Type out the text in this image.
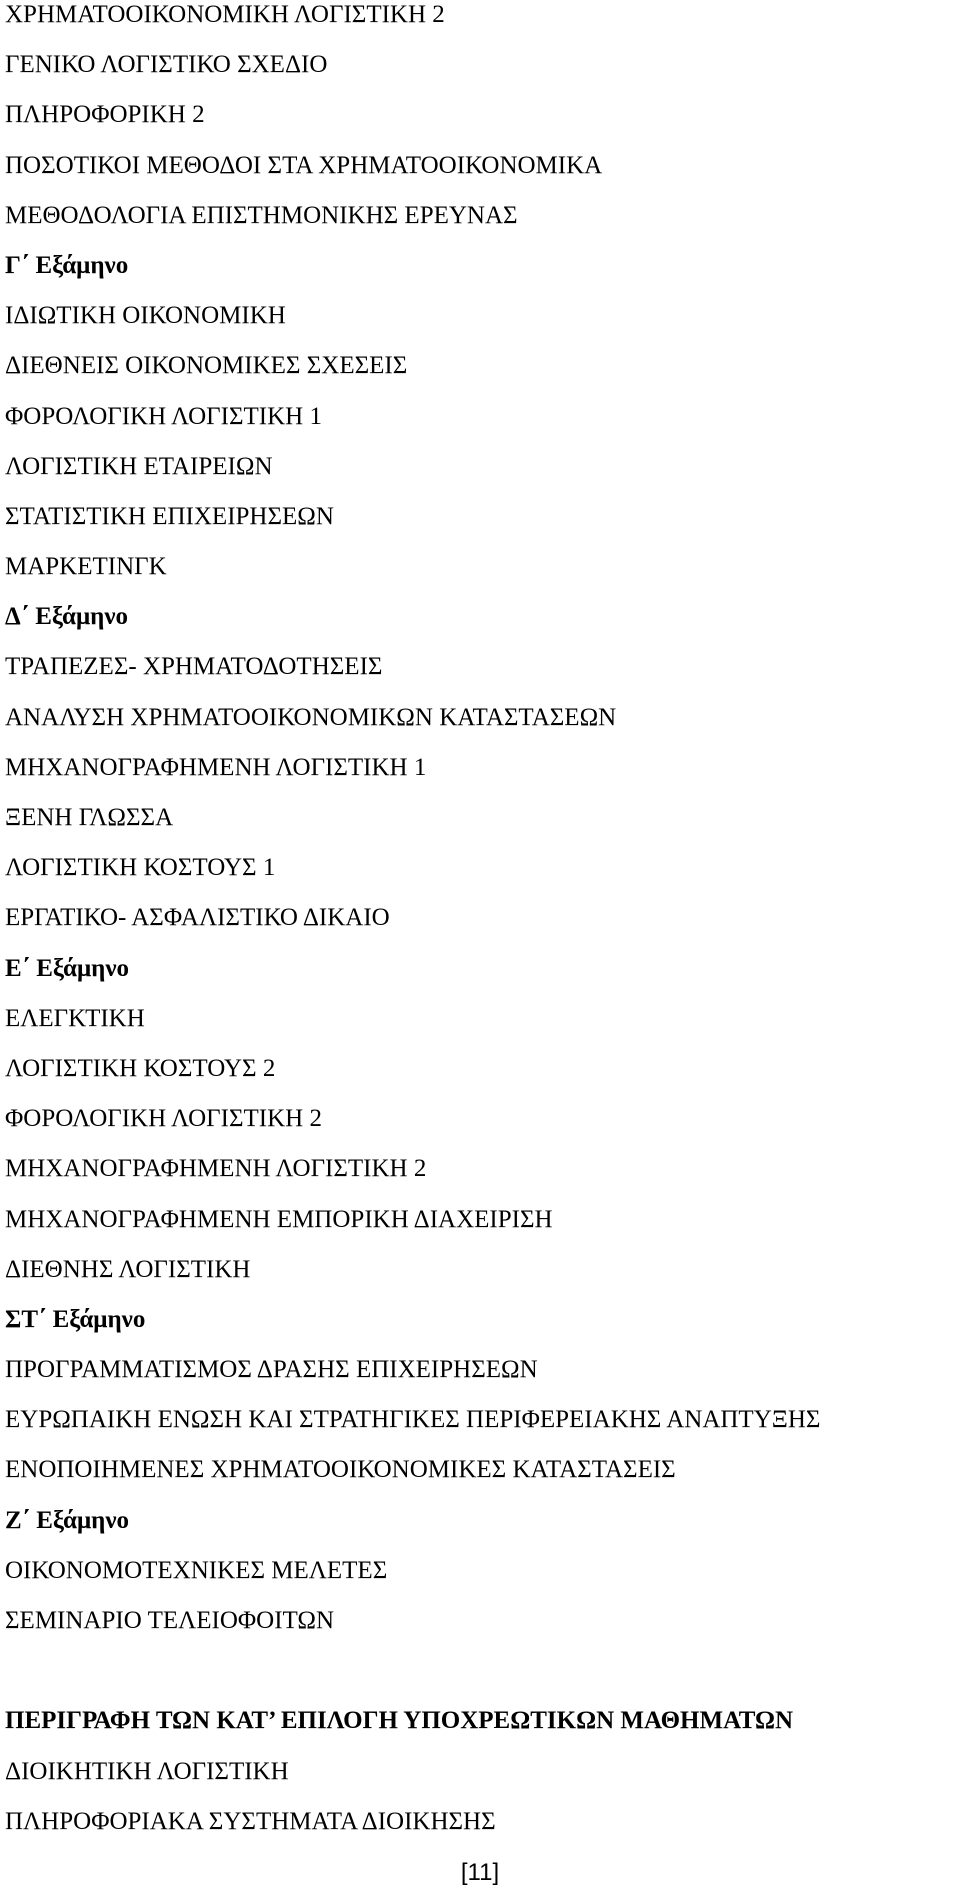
ΧΡΗΜΑΤΟΟΙΚΟΝΟΜΙΚΗ ΛΟΓΙΣΤΙΚΗ 2
ΓΕΝΙΚΟ ΛΟΓΙΣΤΙΚΟ ΣΧΕΔΙΟ
ΠΛΗΡΟΦΟΡΙΚΗ 2
ΠΟΣΟΤΙΚΟΙ ΜΕΘΟΔΟΙ ΣΤΑ ΧΡΗΜΑΤΟΟΙΚΟΝΟΜΙΚΑ
ΜΕΘΟΔΟΛΟΓΙΑ ΕΠΙΣΤΗΜΟΝΙΚΗΣ ΕΡΕΥΝΑΣ
Γ΄ Εξάμηνο
ΙΔΙΩΤΙΚΗ ΟΙΚΟΝΟΜΙΚΗ
ΔΙΕΘΝΕΙΣ ΟΙΚΟΝΟΜΙΚΕΣ ΣΧΕΣΕΙΣ
ΦΟΡΟΛΟΓΙΚΗ ΛΟΓΙΣΤΙΚΗ 1
ΛΟΓΙΣΤΙΚΗ ΕΤΑΙΡΕΙΩΝ
ΣΤΑΤΙΣΤΙΚΗ ΕΠΙΧΕΙΡΗΣΕΩΝ
ΜΑΡΚΕΤΙΝΓΚ
Δ΄ Εξάμηνο
ΤΡΑΠΕΖΕΣ- ΧΡΗΜΑΤΟΔΟΤΗΣΕΙΣ
ΑΝΑΛΥΣΗ ΧΡΗΜΑΤΟΟΙΚΟΝΟΜΙΚΩΝ ΚΑΤΑΣΤΑΣΕΩΝ
ΜΗΧΑΝΟΓΡΑΦΗΜΕΝΗ ΛΟΓΙΣΤΙΚΗ 1
ΞΕΝΗ ΓΛΩΣΣΑ
ΛΟΓΙΣΤΙΚΗ ΚΟΣΤΟΥΣ 1
ΕΡΓΑΤΙΚΟ- ΑΣΦΑΛΙΣΤΙΚΟ ΔΙΚΑΙΟ
Ε΄ Εξάμηνο
ΕΛΕΓΚΤΙΚΗ
ΛΟΓΙΣΤΙΚΗ ΚΟΣΤΟΥΣ 2
ΦΟΡΟΛΟΓΙΚΗ ΛΟΓΙΣΤΙΚΗ 2
ΜΗΧΑΝΟΓΡΑΦΗΜΕΝΗ ΛΟΓΙΣΤΙΚΗ 2
ΜΗΧΑΝΟΓΡΑΦΗΜΕΝΗ ΕΜΠΟΡΙΚΗ ΔΙΑΧΕΙΡΙΣΗ
ΔΙΕΘΝΗΣ ΛΟΓΙΣΤΙΚΗ
ΣΤ΄ Εξάμηνο
ΠΡΟΓΡΑΜΜΑΤΙΣΜΟΣ ΔΡΑΣΗΣ ΕΠΙΧΕΙΡΗΣΕΩΝ
ΕΥΡΩΠΑΙΚΗ ΕΝΩΣΗ ΚΑΙ ΣΤΡΑΤΗΓΙΚΕΣ ΠΕΡΙΦΕΡΕΙΑΚΗΣ ΑΝΑΠΤΥΞΗΣ
ΕΝΟΠΟΙΗΜΕΝΕΣ ΧΡΗΜΑΤΟΟΙΚΟΝΟΜΙΚΕΣ ΚΑΤΑΣΤΑΣΕΙΣ
Ζ΄ Εξάμηνο
ΟΙΚΟΝΟΜΟΤΕΧΝΙΚΕΣ ΜΕΛΕΤΕΣ
ΣΕΜΙΝΑΡΙΟ ΤΕΛΕΙΟΦΟΙΤΩΝ
ΠΕΡΙΓΡΑΦΗ ΤΩΝ ΚΑΤ’ ΕΠΙΛΟΓΗ ΥΠΟΧΡΕΩΤΙΚΩΝ ΜΑΘΗΜΑΤΩΝ
ΔΙΟΙΚΗΤΙΚΗ ΛΟΓΙΣΤΙΚΗ
ΠΛΗΡΟΦΟΡΙΑΚΑ ΣΥΣΤΗΜΑΤΑ ΔΙΟΙΚΗΣΗΣ
[11]
